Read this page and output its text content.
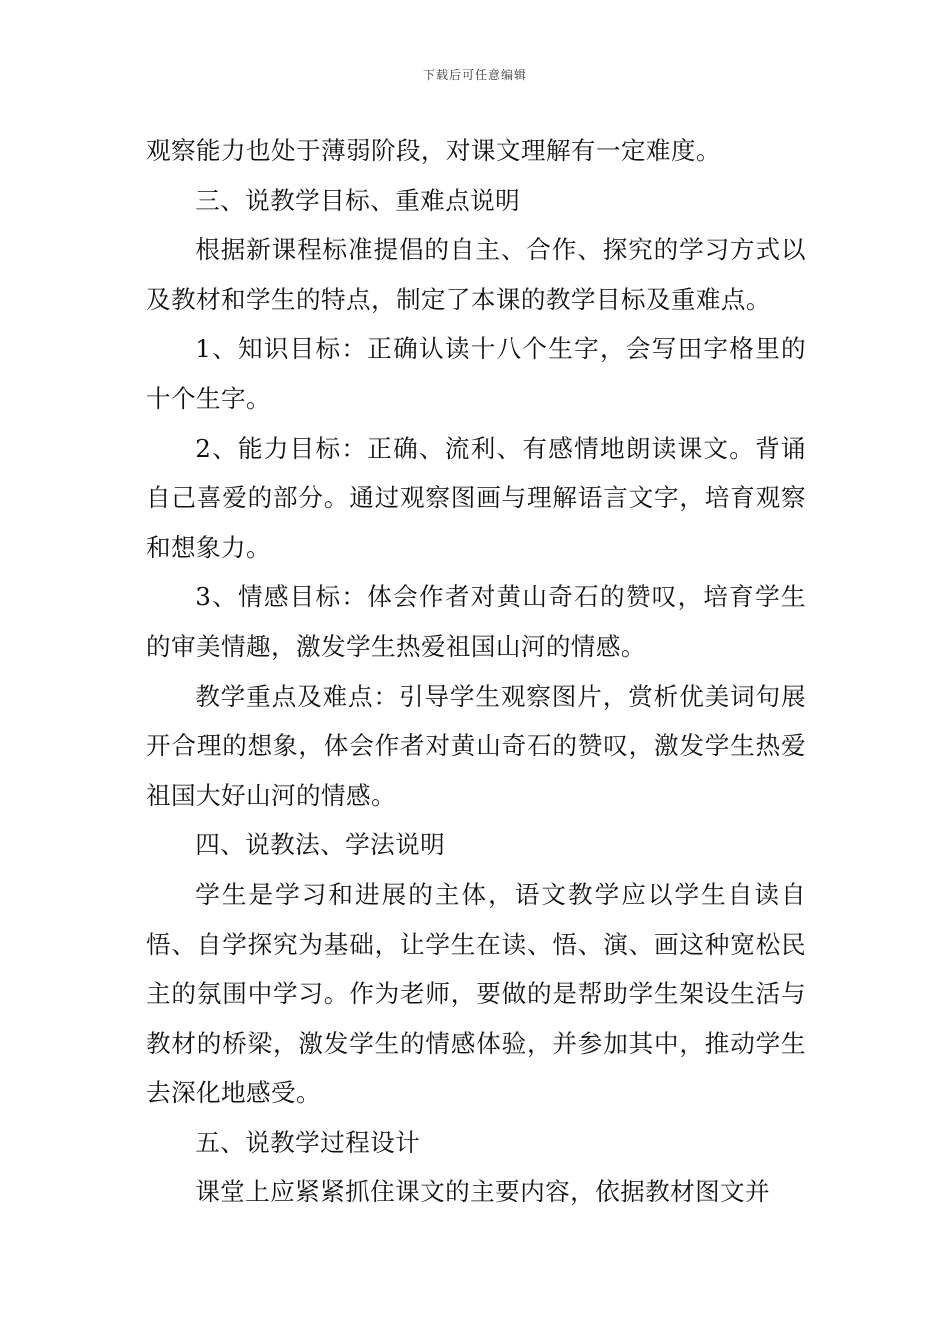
下载后可任意编辑

观察能力也处于薄弱阶段，对课文理解有一定难度。

三、说教学目标、重难点说明

根据新课程标准提倡的自主、合作、探究的学习方式以及教材和学生的特点，制定了本课的教学目标及重难点。

1、知识目标：正确认读十八个生字，会写田字格里的十个生字。

2、能力目标：正确、流利、有感情地朗读课文。背诵自己喜爱的部分。通过观察图画与理解语言文字，培育观察和想象力。

3、情感目标：体会作者对黄山奇石的赞叹，培育学生的审美情趣，激发学生热爱祖国山河的情感。

教学重点及难点：引导学生观察图片，赏析优美词句展开合理的想象，体会作者对黄山奇石的赞叹，激发学生热爱祖国大好山河的情感。

四、说教法、学法说明

学生是学习和进展的主体，语文教学应以学生自读自悟、自学探究为基础，让学生在读、悟、演、画这种宽松民主的氛围中学习。作为老师，要做的是帮助学生架设生活与教材的桥梁，激发学生的情感体验，并参加其中，推动学生去深化地感受。

五、说教学过程设计

课堂上应紧紧抓住课文的主要内容，依据教材图文并
